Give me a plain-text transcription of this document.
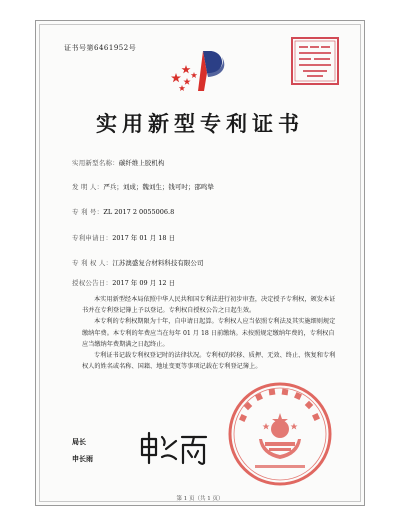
证书号第6461952号
实用新型专利证书
实用新型名称：碳纤维上胶机构
发 明 人：严兵；刘成；魏刘生；钱可吋；邵鸣挚
专 利 号：ZL 2017 2 0055006.8
专利申请日：2017 年 01 月 18 日
专 利 权 人：江苏澳盛复合材料科技有限公司
授权公告日：2017 年 09 月 12 日

本实用新型经本局依照中华人民共和国专利法进行初步审查，决定授予专利权，颁发本证书并在专利登记簿上予以登记。专利权自授权公告之日起生效。

本专利的专利权期限为十年，自申请日起算。专利权人应当依照专利法及其实施细则规定缴纳年费。本专利的年费应当在每年 01 月 18 日前缴纳。未按照规定缴纳年费的，专利权自应当缴纳年费期满之日起终止。

专利证书记载专利权登记时的法律状况。专利权的转移、质押、无效、终止、恢复和专利权人的姓名或名称、国籍、地址变更等事项记载在专利登记簿上。

局长
申长雨
第 1 页（共 1 页）
